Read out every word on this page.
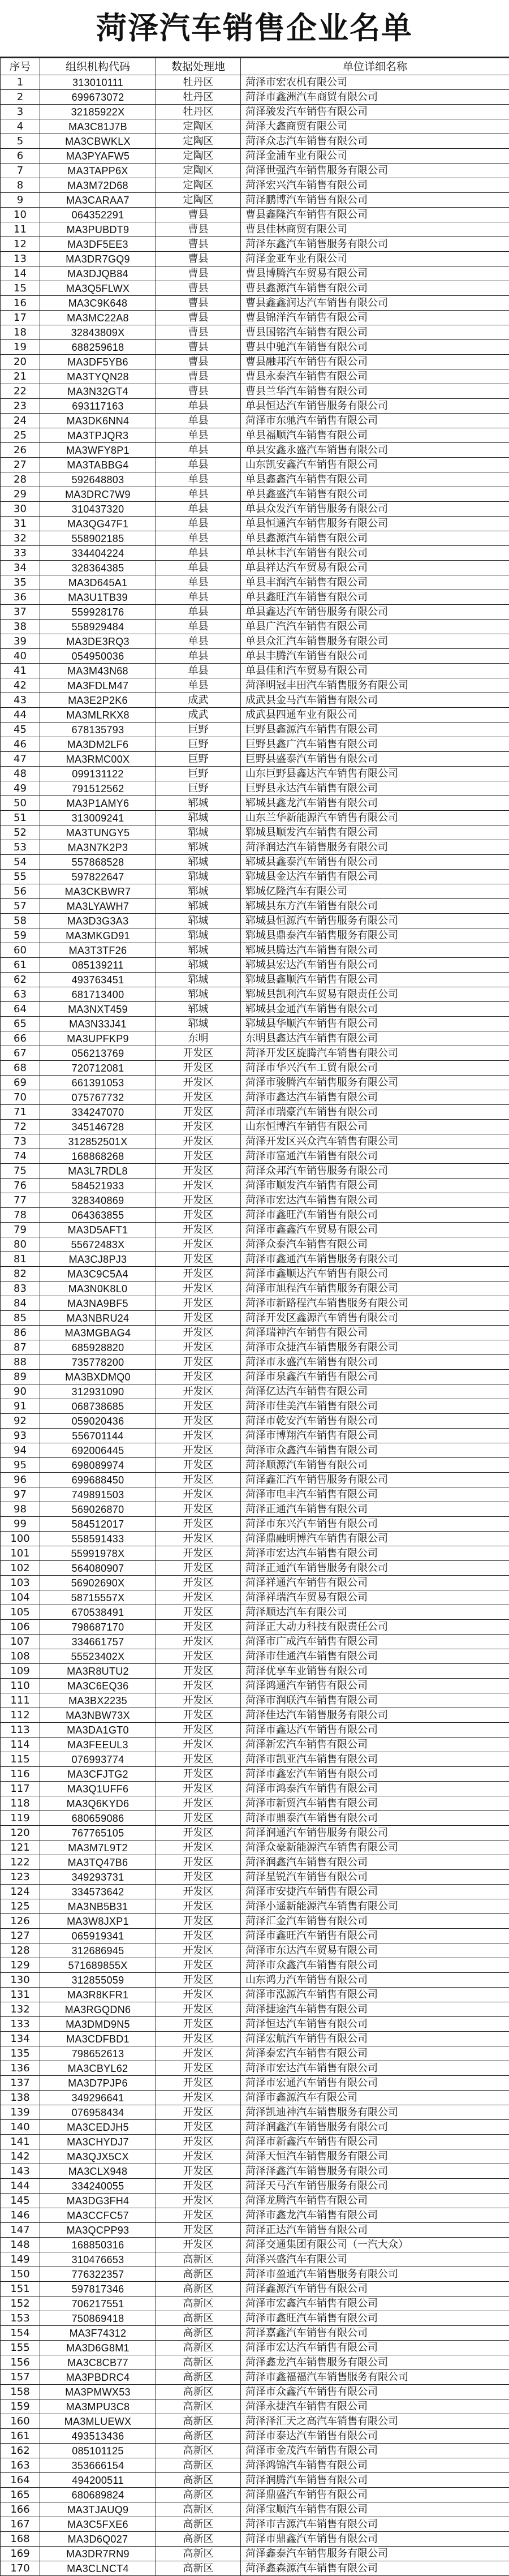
菏泽汽车销售企业名单
序号	组织机构代码	数据处理地	单位详细名称
1	313010111	牡丹区	菏泽市宏农机有限公司
2	699673072	牡丹区	菏泽市鑫洲汽车商贸有限公司
3	32185922X	牡丹区	菏泽骏发汽车销售有限公司
4	MA3C81J7B	定陶区	菏泽大鑫商贸有限公司
5	MA3CBWKLX	定陶区	菏泽众志汽车销售有限公司
6	MA3PYAFW5	定陶区	菏泽金浦车业有限公司
7	MA3TAPP6X	定陶区	菏泽世强汽车销售服务有限公司
8	MA3M72D68	定陶区	菏泽宏兴汽车销售有限公司
9	MA3CARAA7	定陶区	菏泽鹏博汽车销售有限公司
10	064352291	曹县	曹县鑫隆汽车销售有限公司
11	MA3PUBDT9	曹县	曹县佳林商贸有限公司
12	MA3DF5EE3	曹县	菏泽东鑫汽车销售服务有限公司
13	MA3DR7GQ9	曹县	菏泽金亚车业有限公司
14	MA3DJQB84	曹县	曹县博腾汽车贸易有限公司
15	MA3Q5FLWX	曹县	曹县鑫源汽车销售有限公司
16	MA3C9K648	曹县	曹县鑫鑫润达汽车销售有限公司
17	MA3MC22A8	曹县	曹县锦洋汽车销售有限公司
18	32843809X	曹县	曹县国铭汽车销售有限公司
19	688259618	曹县	曹县中驰汽车销售有限公司
20	MA3DF5YB6	曹县	曹县融邦汽车销售有限公司
21	MA3TYQN28	曹县	曹县永泰汽车销售有限公司
22	MA3N32GT4	曹县	曹县兰华汽车销售有限公司
23	693117163	单县	单县恒达汽车销售服务有限公司
24	MA3DK6NN4	单县	菏泽市东驰汽车销售有限公司
25	MA3TPJQR3	单县	单县福顺汽车销售有限公司
26	MA3WFY8P1	单县	单县安鑫永盛汽车销售有限公司
27	MA3TABBG4	单县	山东凯安鑫汽车销售有限公司
28	592648803	单县	单县鑫鑫汽车销售有限公司
29	MA3DRC7W9	单县	单县鑫盛汽车销售有限公司
30	310437320	单县	单县众发汽车销售服务有限公司
31	MA3QG47F1	单县	单县恒通汽车销售服务有限公司
32	558902185	单县	单县鑫源汽车销售有限公司
33	334404224	单县	单县林丰汽车销售有限公司
34	328364385	单县	单县祥达汽车贸易有限公司
35	MA3D645A1	单县	单县丰润汽车销售有限公司
36	MA3U1TB39	单县	单县鑫旺汽车销售有限公司
37	559928176	单县	单县鑫达汽车销售服务有限公司
38	558929484	单县	单县广汽汽车销售有限公司
39	MA3DE3RQ3	单县	单县众汇汽车销售服务有限公司
40	054950036	单县	单县丰腾汽车销售有限公司
41	MA3M43N68	单县	单县佳和汽车贸易有限公司
42	MA3FDLM47	单县	菏泽明冠丰田汽车销售服务有限公司
43	MA3E2P2K6	成武	成武县金马汽车销售有限公司
44	MA3MLRKX8	成武	成武县四通车业有限公司
45	678135793	巨野	巨野县鑫源汽车销售有限公司
46	MA3DM2LF6	巨野	巨野县鑫广汽车销售有限公司
47	MA3RMC00X	巨野	巨野县盛泰汽车销售有限公司
48	099131122	巨野	山东巨野县鑫达汽车销售有限公司
49	791512562	巨野	巨野县永达汽车销售有限公司
50	MA3P1AMY6	郓城	郓城县鑫龙汽车销售有限公司
51	313009241	郓城	山东兰华新能源汽车销售有限公司
52	MA3TUNGY5	郓城	郓城县顺发汽车销售有限公司
53	MA3N7K2P3	郓城	菏泽润达汽车销售服务有限公司
54	557868528	郓城	郓城县鑫泰汽车销售有限公司
55	597822647	郓城	郓城县金达汽车销售有限公司
56	MA3CKBWR7	郓城	郓城亿隆汽车有限公司
57	MA3LYAWH7	郓城	郓城县东方汽车销售有限公司
58	MA3D3G3A3	郓城	郓城县恒源汽车销售服务有限公司
59	MA3MKGD91	郓城	郓城县鼎泰汽车销售服务有限公司
60	MA3T3TF26	郓城	郓城县腾达汽车销售有限公司
61	085139211	郓城	郓城县宏达汽车销售有限公司
62	493763451	郓城	郓城县鑫顺汽车销售有限公司
63	681713400	郓城	郓城县凯利汽车贸易有限责任公司
64	MA3NXT459	郓城	郓城县金通汽车销售有限公司
65	MA3N33J41	郓城	郓城县华顺汽车销售有限公司
66	MA3UPFKP9	东明	东明县鑫达汽车销售有限公司
67	056213769	开发区	菏泽开发区旋腾汽车销售有限公司
68	720712081	开发区	菏泽市华兴汽车工贸有限公司
69	661391053	开发区	菏泽市骏腾汽车销售服务有限公司
70	075767732	开发区	菏泽市鑫达汽车销售有限公司
71	334247070	开发区	菏泽市瑞豪汽车销售有限公司
72	345146728	开发区	山东恒博汽车销售有限公司
73	312852501X	开发区	菏泽开发区兴众汽车销售有限公司
74	168868268	开发区	菏泽市富通汽车销售有限公司
75	MA3L7RDL8	开发区	菏泽众邦汽车销售服务有限公司
76	584521933	开发区	菏泽市顺发汽车销售有限公司
77	328340869	开发区	菏泽市宏达汽车销售有限公司
78	064363855	开发区	菏泽市鑫旺汽车销售有限公司
79	MA3D5AFT1	开发区	菏泽市鑫鑫汽车贸易有限公司
80	55672483X	开发区	菏泽众泰汽车销售有限公司
81	MA3CJ8PJ3	开发区	菏泽市鑫通汽车销售服务有限公司
82	MA3C9C5A4	开发区	菏泽市鑫顺达汽车销售有限公司
83	MA3N0K8L0	开发区	菏泽市旭程汽车销售服务有限公司
84	MA3NA9BF5	开发区	菏泽市新路程汽车销售服务有限公司
85	MA3NBRU24	开发区	菏泽开发区鑫源汽车销售有限公司
86	MA3MGBAG4	开发区	菏泽瑞神汽车销售有限公司
87	685928820	开发区	菏泽市众捷汽车销售服务有限公司
88	735778200	开发区	菏泽市永盛汽车销售有限公司
89	MA3BXDMQ0	开发区	菏泽市泉鑫汽车销售有限公司
90	312931090	开发区	菏泽亿达汽车销售有限公司
91	068738685	开发区	菏泽市佳美汽车销售有限公司
92	059020436	开发区	菏泽市乾安汽车销售有限公司
93	556701144	开发区	菏泽市博翔汽车销售有限公司
94	692006445	开发区	菏泽市众鑫汽车销售有限公司
95	698089974	开发区	菏泽顺源汽车销售有限公司
96	699688450	开发区	菏泽鑫汇汽车销售服务有限公司
97	749891503	开发区	菏泽市电丰汽车销售有限公司
98	569026870	开发区	菏泽正通汽车销售有限公司
99	584512017	开发区	菏泽市东兴汽车销售有限公司
100	558591433	开发区	菏泽鼎融明博汽车销售有限公司
101	55991978X	开发区	菏泽市宏达汽车销售有限公司
102	564080907	开发区	菏泽正通汽车销售服务有限公司
103	56902690X	开发区	菏泽祥通汽车销售有限公司
104	58715557X	开发区	菏泽祥瑞汽车贸易有限公司
105	670538491	开发区	菏泽顺达汽车有限公司
106	798687170	开发区	菏泽正大动力科技有限责任公司
107	334661757	开发区	菏泽市广成汽车销售有限公司
108	55523402X	开发区	菏泽市佳通汽车销售有限公司
109	MA3R8UTU2	开发区	菏泽优享车业销售有限公司
110	MA3C6EQ36	开发区	菏泽鸿通汽车销售有限公司
111	MA3BX2235	开发区	菏泽市润联汽车销售有限公司
112	MA3NBW73X	开发区	菏泽佳达汽车销售服务有限公司
113	MA3DA1GT0	开发区	菏泽市鑫达汽车销售有限公司
114	MA3FEEUL3	开发区	菏泽新宏汽车销售有限公司
115	076993774	开发区	菏泽市凯亚汽车销售有限公司
116	MA3CFJTG2	开发区	菏泽市鑫宏汽车销售有限公司
117	MA3Q1UFF6	开发区	菏泽市鸿泰汽车销售有限公司
118	MA3Q6KYD6	开发区	菏泽市新贸汽车销售有限公司
119	680659086	开发区	菏泽市鼎泰汽车销售有限公司
120	767765105	开发区	菏泽润通汽车销售服务有限公司
121	MA3M7L9T2	开发区	菏泽众豪新能源汽车销售有限公司
122	MA3TQ47B6	开发区	菏泽润鑫汽车销售有限公司
123	349293731	开发区	菏泽星锐汽车销售有限公司
124	334573642	开发区	菏泽市安捷汽车销售有限公司
125	MA3NB5B31	开发区	菏泽小遥新能源汽车销售有限公司
126	MA3W8JXP1	开发区	菏泽汇金汽车销售有限公司
127	065919341	开发区	菏泽市鑫旺汽车销售有限公司
128	312686945	开发区	菏泽市东达汽车贸易有限公司
129	571689855X	开发区	菏泽市众鑫汽车销售有限公司
130	312855059	开发区	山东鸿力汽车销售有限公司
131	MA3R8KFR1	开发区	菏泽市泓源汽车销售有限公司
132	MA3RGQDN6	开发区	菏泽捷途汽车销售有限公司
133	MA3DMD9N5	开发区	菏泽恒达汽车销售有限公司
134	MA3CDFBD1	开发区	菏泽宏航汽车销售有限公司
135	798652613	开发区	菏泽泰宏汽车销售有限公司
136	MA3CBYL62	开发区	菏泽市宏达汽车销售有限公司
137	MA3D7PJP6	开发区	菏泽市宏通汽车销售有限公司
138	349296641	开发区	菏泽市鑫源汽车有限公司
139	076958434	开发区	菏泽凯迪神汽车销售服务有限公司
140	MA3CEDJH5	开发区	菏泽润鑫汽车销售服务有限公司
141	MA3CHYDJ7	开发区	菏泽市新鑫汽车销售有限公司
142	MA3QJX5CX	开发区	菏泽天恒汽车销售服务有限公司
143	MA3CLX948	开发区	菏泽泽鑫汽车销售服务有限公司
144	334240055	开发区	菏泽天马汽车销售服务有限公司
145	MA3DG3FH4	开发区	菏泽龙腾汽车销售有限公司
146	MA3CCFC57	开发区	菏泽市鑫龙汽车销售有限公司
147	MA3QCPP93	开发区	菏泽正达汽车销售有限公司
148	168850316	开发区	菏泽交通集团有限公司（一汽大众）
149	310476653	高新区	菏泽兴盛汽车有限公司
150	776322357	高新区	菏泽市盈通汽车销售服务有限公司
151	597817346	高新区	菏泽鑫源汽车销售有限公司
152	706217551	高新区	菏泽市宏鑫汽车销售有限公司
153	750869418	高新区	菏泽市鑫旺汽车销售有限公司
154	MA3F74312	高新区	菏泽嘉鑫汽车销售有限公司
155	MA3D6G8M1	高新区	菏泽市宏达汽车销售有限公司
156	MA3C8CB77	高新区	菏泽鑫龙汽车销售服务有限公司
157	MA3PBDRC4	高新区	菏泽市鑫福福汽车销售服务有限公司
158	MA3PMWX53	高新区	菏泽市众鑫汽车销售有限公司
159	MA3MPU3C8	高新区	菏泽永捷汽车销售有限公司
160	MA3MLUEWX	高新区	菏泽泽汇天之高汽车销售有限公司
161	493513436	高新区	菏泽市泰达汽车销售有限公司
162	085101125	高新区	菏泽市金茂汽车销售有限公司
163	353666154	高新区	菏泽鸿锦汽车销售有限公司
164	494200511	高新区	菏泽润腾汽车销售有限公司
165	680689824	高新区	菏泽鼎盛汽车销售有限公司
166	MA3TJAUQ9	高新区	菏泽宝顺汽车销售有限公司
167	MA3C5FXE6	高新区	菏泽市吉源汽车销售有限公司
168	MA3D6Q027	高新区	菏泽市鼎鑫汽车销售有限公司
169	MA3DR7RN9	高新区	菏泽鑫泰汽车销售服务有限公司
170	MA3CLNCT4	高新区	菏泽鑫森源汽车销售有限公司
